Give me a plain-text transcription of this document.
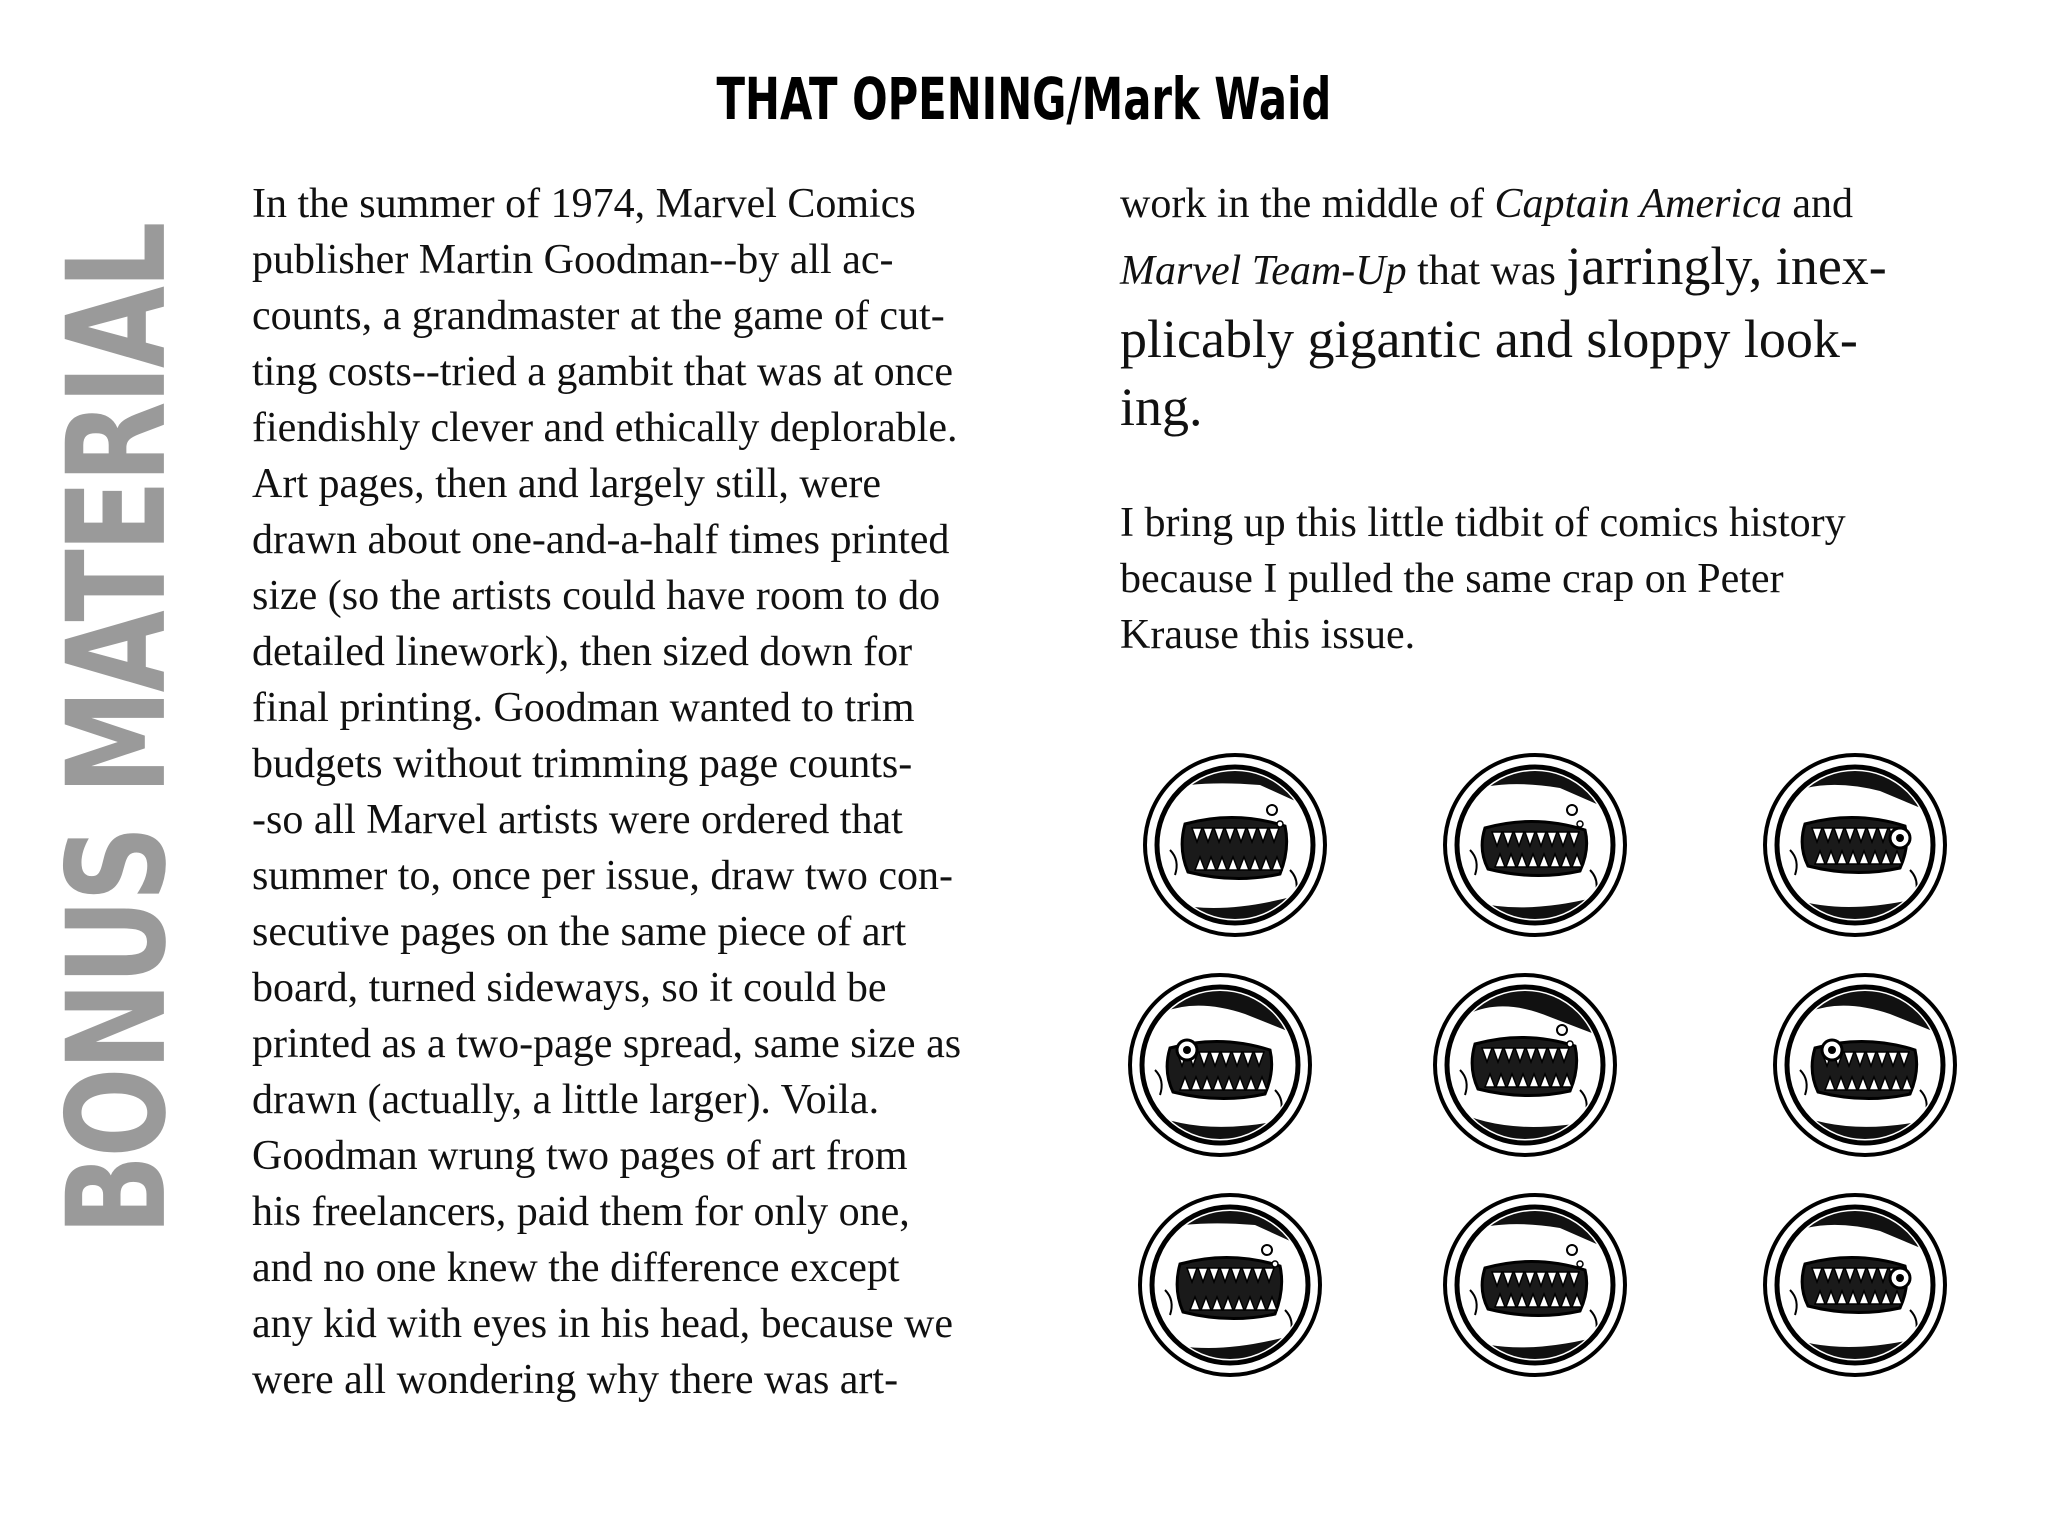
BONUS MATERIAL
THAT OPENING/Mark Waid

In the summer of 1974, Marvel Comics

publisher Martin Goodman--by all ac-

counts, a grandmaster at the game of cut-

ting costs--tried a gambit that was at once

fiendishly clever and ethically deplorable.

Art pages, then and largely still, were

drawn about one-and-a-half times printed

size (so the artists could have room to do

detailed linework), then sized down for

final printing. Goodman wanted to trim

budgets without trimming page counts-

-so all Marvel artists were ordered that

summer to, once per issue, draw two con-

secutive pages on the same piece of art

board, turned sideways, so it could be

printed as a two-page spread, same size as

drawn (actually, a little larger). Voila.

Goodman wrung two pages of art from

his freelancers, paid them for only one,

and no one knew the difference except

any kid with eyes in his head, because we

were all wondering why there was art-

work in the middle of Captain America and

Marvel Team-Up that was jarringly, inex-

plicably gigantic and sloppy look-

ing.

I bring up this little tidbit of comics history

because I pulled the same crap on Peter

Krause this issue.
